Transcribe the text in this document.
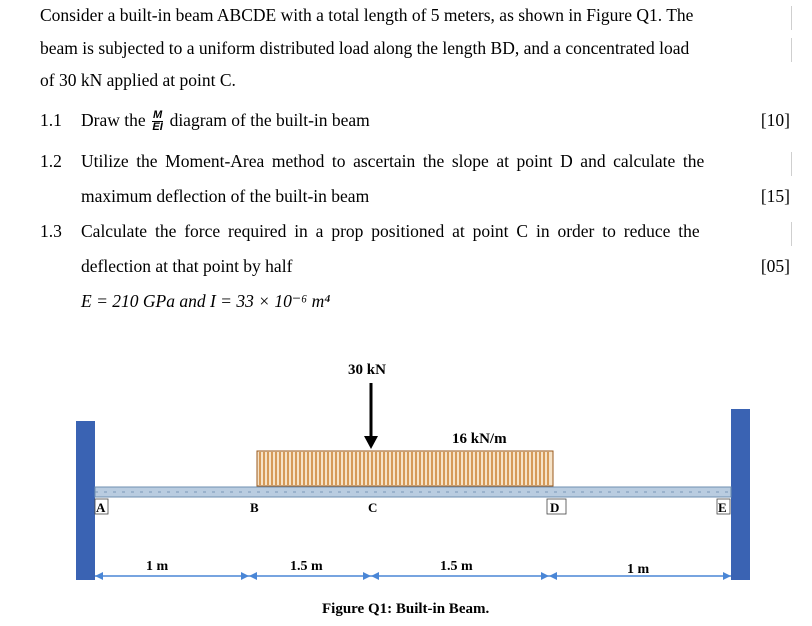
Consider a built-in beam ABCDE with a total length of 5 meters, as shown in Figure Q1. The
beam is subjected to a uniform distributed load along the length BD, and a concentrated load
of 30 kN applied at point C.
1.1 Draw the $\frac{M}{EI}$ diagram of the built-in beam	[10]
1.2 Utilize the Moment-Area method to ascertain the slope at point D and calculate the
maximum deflection of the built-in beam	[15]
1.3 Calculate the force required in a prop positioned at point C in order to reduce the
deflection at that point by half	[05]
E = 210 GPa and I = 33 × 10⁻⁶ m⁴
30 kN
16 kN/m
A	B	C	D	E
1 m	1.5 m	1.5 m	1 m
Figure Q1: Built-in Beam.
